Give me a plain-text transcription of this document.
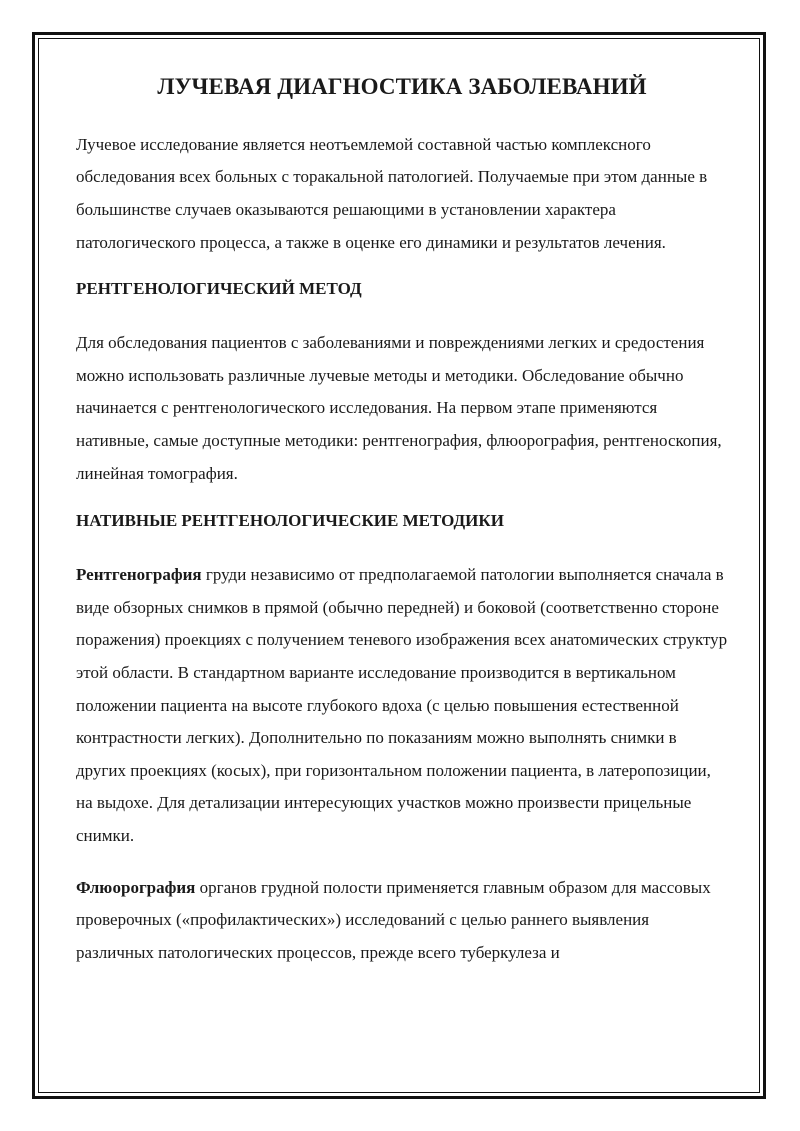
ЛУЧЕВАЯ ДИАГНОСТИКА ЗАБОЛЕВАНИЙ

Лучевое исследование является неотъемлемой составной частью комплексного обследования всех больных с торакальной патологией. Получаемые при этом данные в большинстве случаев оказываются решающими в установлении характера патологического процесса, а также в оценке его динамики и результатов лечения.

РЕНТГЕНОЛОГИЧЕСКИЙ МЕТОД

Для обследования пациентов с заболеваниями и повреждениями легких и средостения можно использовать различные лучевые методы и методики. Обследование обычно начинается с рентгенологического исследования. На первом этапе применяются нативные, самые доступные методики: рентгенография, флюорография, рентгеноскопия, линейная томография.

НАТИВНЫЕ РЕНТГЕНОЛОГИЧЕСКИЕ МЕТОДИКИ

Рентгенография груди независимо от предполагаемой патологии выполняется сначала в виде обзорных снимков в прямой (обычно передней) и боковой (соответственно стороне поражения) проекциях с получением теневого изображения всех анатомических структур этой области. В стандартном варианте исследование производится в вертикальном положении пациента на высоте глубокого вдоха (с целью повышения естественной контрастности легких). Дополнительно по показаниям можно выполнять снимки в других проекциях (косых), при горизонтальном положении пациента, в латеропозиции, на выдохе. Для детализации интересующих участков можно произвести прицельные снимки.

Флюорография органов грудной полости применяется главным образом для массовых проверочных («профилактических») исследований с целью раннего выявления различных патологических процессов, прежде всего туберкулеза и
